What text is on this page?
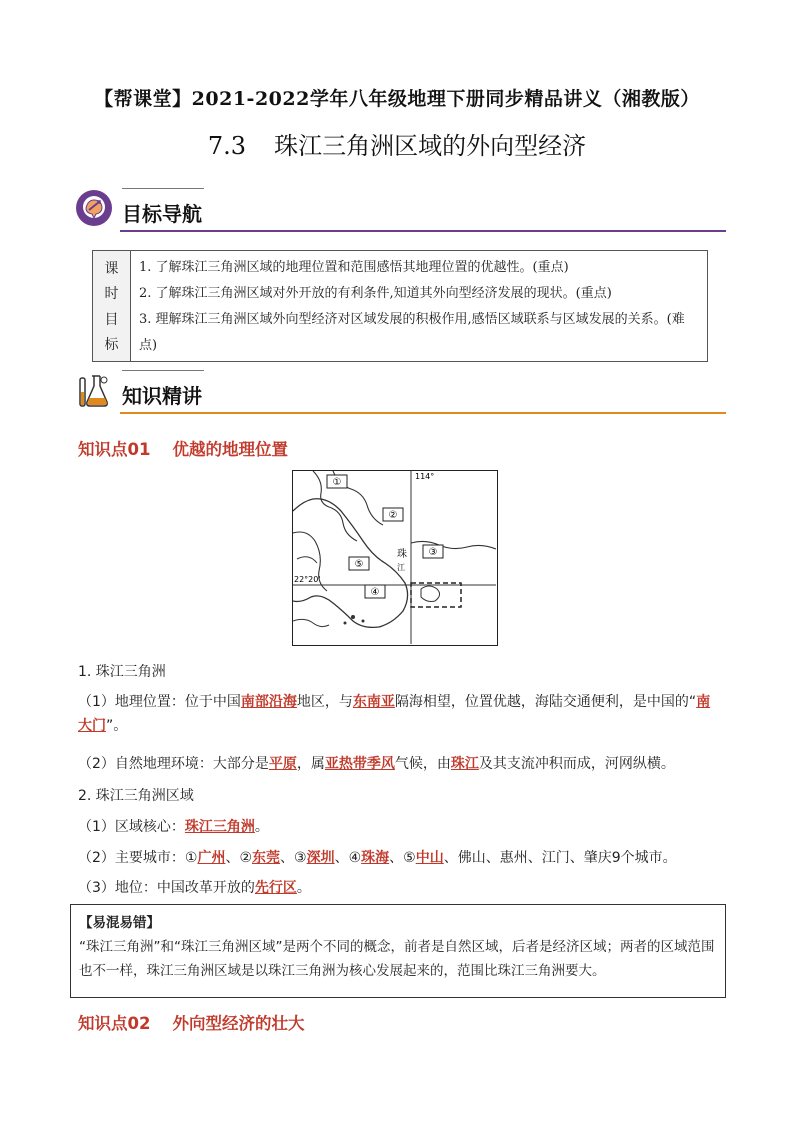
【帮课堂】2021-2022学年八年级地理下册同步精品讲义（湘教版）
7.3 珠江三角洲区域的外向型经济
目标导航
课
时
目
标
1. 了解珠江三角洲区域的地理位置和范围感悟其地理位置的优越性。(重点)
2. 了解珠江三角洲区域对外开放的有利条件,知道其外向型经济发展的现状。(重点)
3. 理解珠江三角洲区域外向型经济对区域发展的积极作用,感悟区域联系与区域发展的关系。(难点)
知识精讲
知识点01 优越的地理位置
①
②
③
⑤
④
珠
江
114°
22°20'
1. 珠江三角洲
（1）地理位置：位于中国南部沿海地区，与东南亚隔海相望，位置优越，海陆交通便利，是中国的“南大门”。
（2）自然地理环境：大部分是平原，属亚热带季风气候，由珠江及其支流冲积而成，河网纵横。
2. 珠江三角洲区域
（1）区域核心：珠江三角洲。
（2）主要城市：①广州、②东莞、③深圳、④珠海、⑤中山、佛山、惠州、江门、肇庆9个城市。
（3）地位：中国改革开放的先行区。
【易混易错】
“珠江三角洲”和“珠江三角洲区域”是两个不同的概念，前者是自然区域，后者是经济区域；两者的区域范围也不一样，珠江三角洲区域是以珠江三角洲为核心发展起来的，范围比珠江三角洲要大。
知识点02 外向型经济的壮大
